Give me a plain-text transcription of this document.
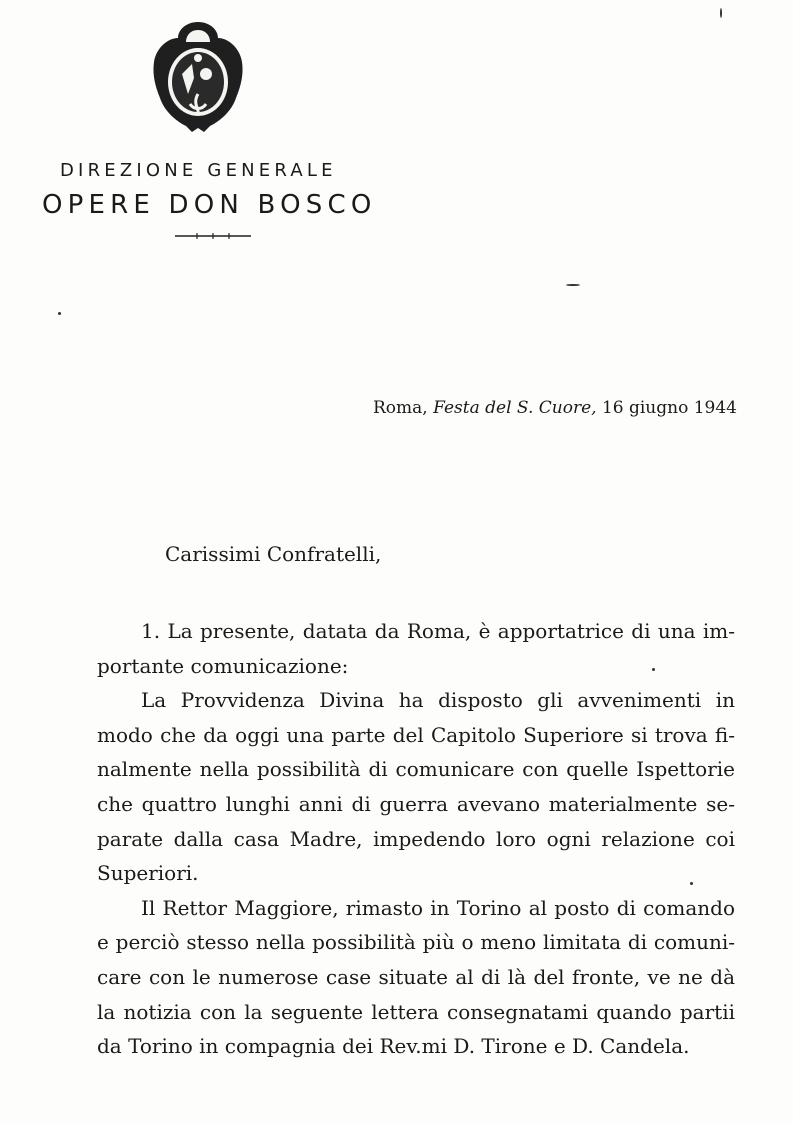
DIREZIONE GENERALE
OPERE DON BOSCO
Roma, Festa del S. Cuore, 16 giugno 1944
Carissimi Confratelli,
1. La presente, datata da Roma, è apportatrice di una im-
portante comunicazione:
La Provvidenza Divina ha disposto gli avvenimenti in
modo che da oggi una parte del Capitolo Superiore si trova fi-
nalmente nella possibilità di comunicare con quelle Ispettorie
che quattro lunghi anni di guerra avevano materialmente se-
parate dalla casa Madre, impedendo loro ogni relazione coi
Superiori.
Il Rettor Maggiore, rimasto in Torino al posto di comando
e perciò stesso nella possibilità più o meno limitata di comuni-
care con le numerose case situate al di là del fronte, ve ne dà
la notizia con la seguente lettera consegnatami quando partii
da Torino in compagnia dei Rev.mi D. Tirone e D. Candela.
